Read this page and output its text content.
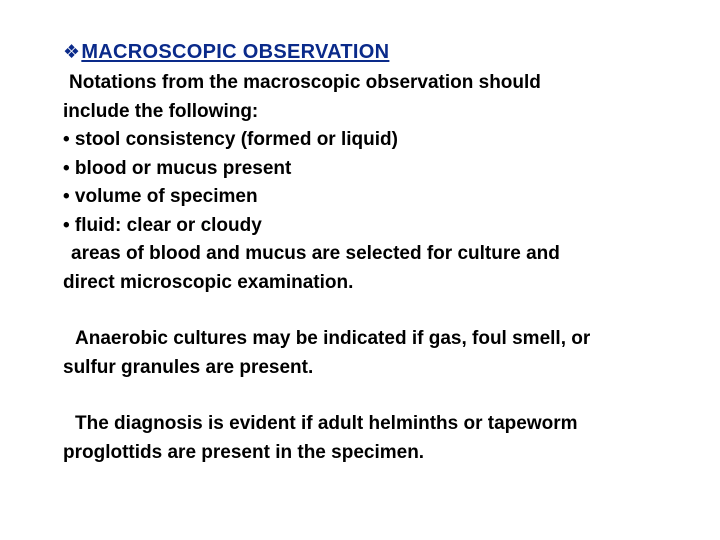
❖MACROSCOPIC OBSERVATION
Notations from the macroscopic observation should
include the following:
• stool consistency (formed or liquid)
• blood or mucus present
• volume of specimen
• fluid: clear or cloudy
areas of blood and mucus are selected for culture and
direct microscopic examination.
Anaerobic cultures may be indicated if gas, foul smell, or
sulfur granules are present.
The diagnosis is evident if adult helminths or tapeworm
proglottids are present in the specimen.
